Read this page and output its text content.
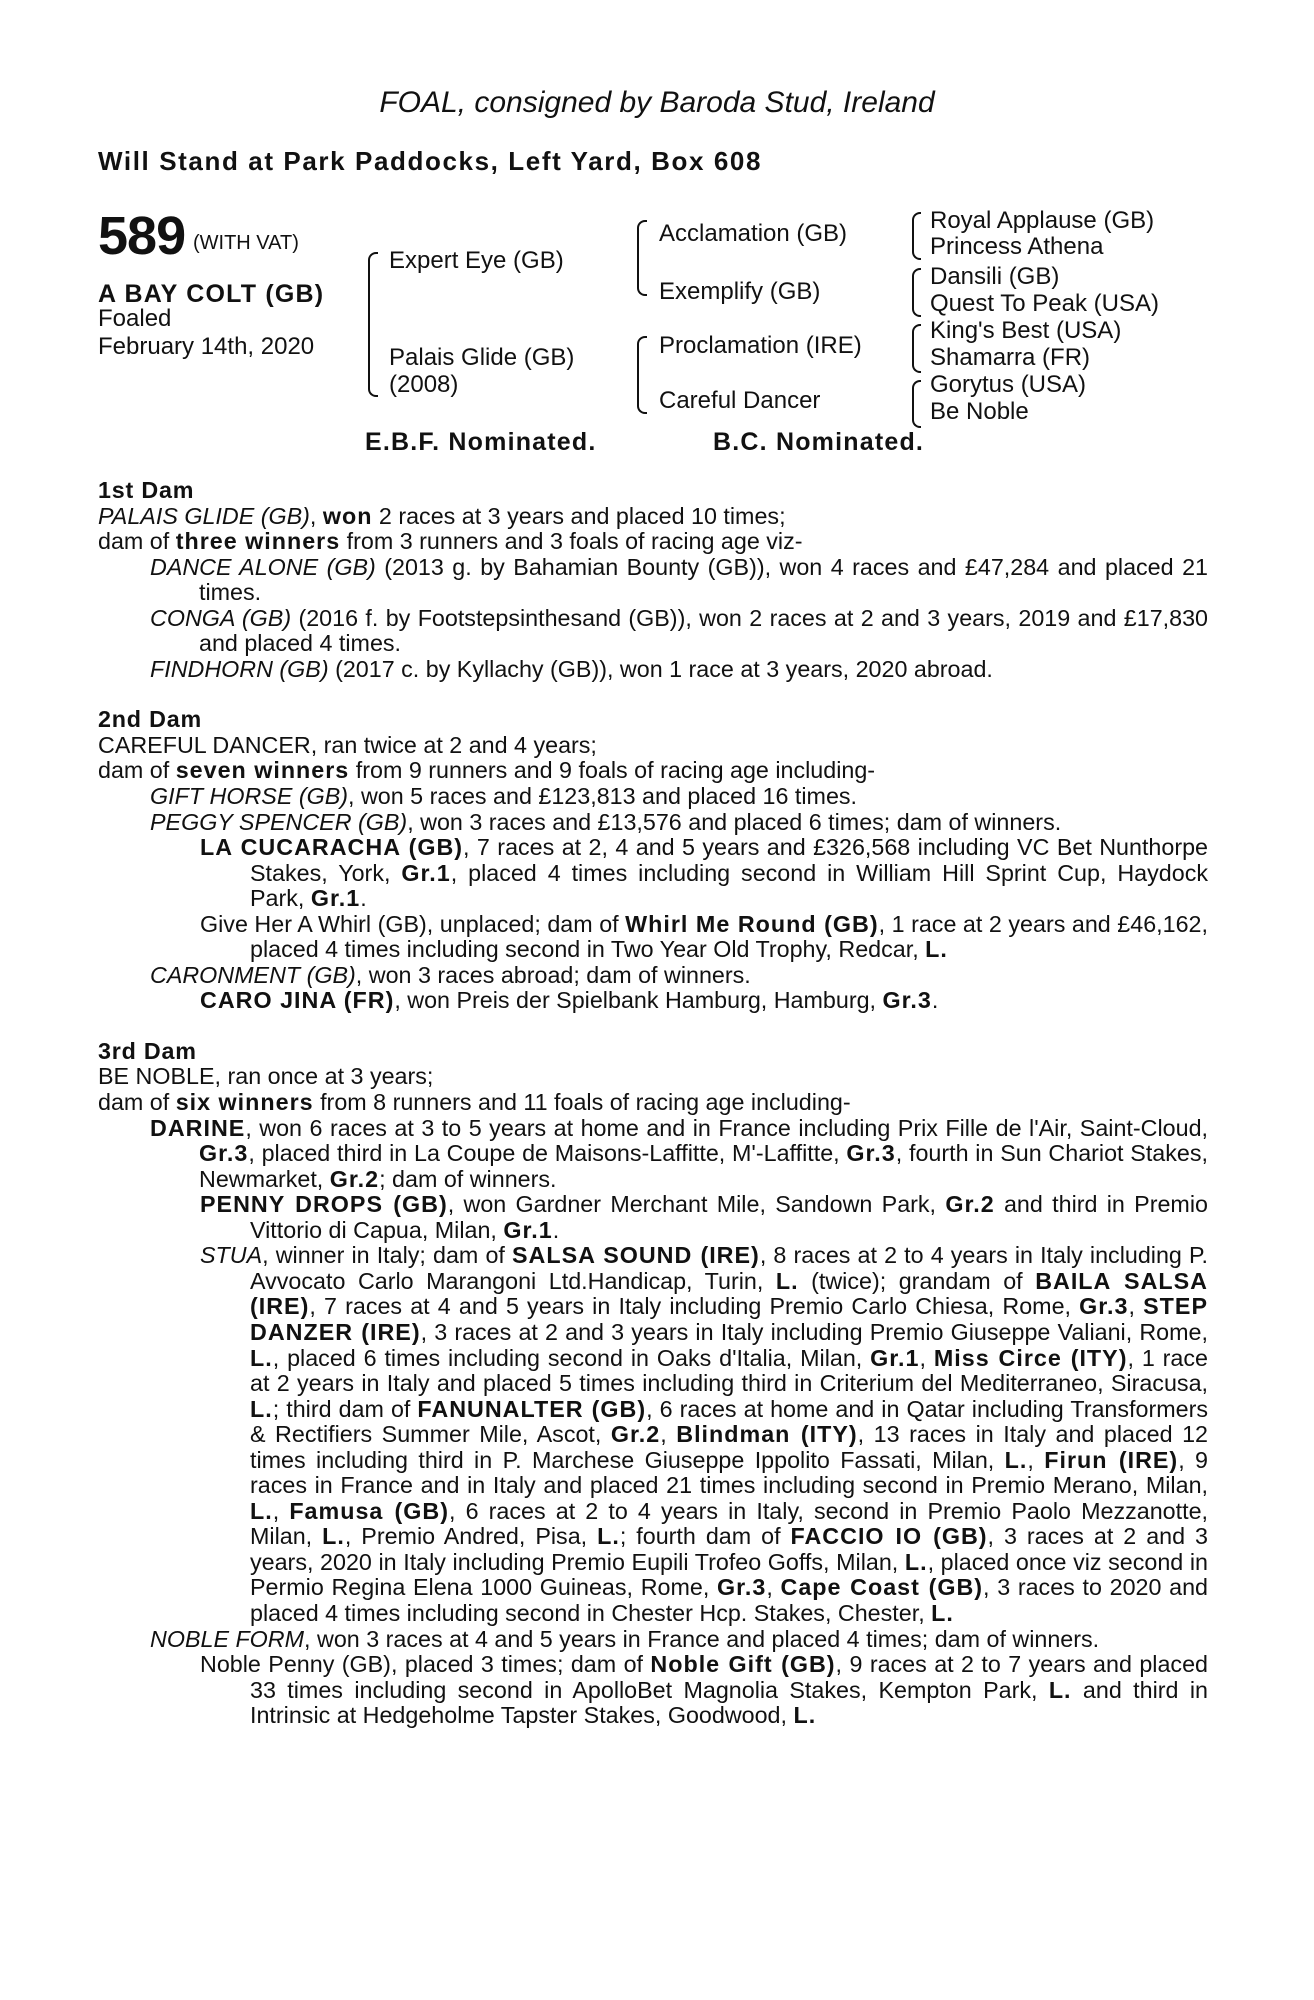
FOAL, consigned by Baroda Stud, Ireland
Will Stand at Park Paddocks, Left Yard, Box 608
589 (WITH VAT)
A BAY COLT (GB)
Foaled
February 14th, 2020
Expert Eye (GB)
Palais Glide (GB)
(2008)
Acclamation (GB)
Exemplify (GB)
Proclamation (IRE)
Careful Dancer
Royal Applause (GB)
Princess Athena
Dansili (GB)
Quest To Peak (USA)
King's Best (USA)
Shamarra (FR)
Gorytus (USA)
Be Noble
E.B.F. Nominated.	B.C. Nominated.

1st Dam

PALAIS GLIDE (GB), won 2 races at 3 years and placed 10 times;

dam of three winners from 3 runners and 3 foals of racing age viz-

DANCE ALONE (GB) (2013 g. by Bahamian Bounty (GB)), won 4 races and £47,284 and placed 21 times.

CONGA (GB) (2016 f. by Footstepsinthesand (GB)), won 2 races at 2 and 3 years, 2019 and £17,830 and placed 4 times.

FINDHORN (GB) (2017 c. by Kyllachy (GB)), won 1 race at 3 years, 2020 abroad.

2nd Dam

CAREFUL DANCER, ran twice at 2 and 4 years;

dam of seven winners from 9 runners and 9 foals of racing age including-

GIFT HORSE (GB), won 5 races and £123,813 and placed 16 times.

PEGGY SPENCER (GB), won 3 races and £13,576 and placed 6 times; dam of winners.

LA CUCARACHA (GB), 7 races at 2, 4 and 5 years and £326,568 including VC Bet Nunthorpe Stakes, York, Gr.1, placed 4 times including second in William Hill Sprint Cup, Haydock Park, Gr.1.

Give Her A Whirl (GB), unplaced; dam of Whirl Me Round (GB), 1 race at 2 years and £46,162, placed 4 times including second in Two Year Old Trophy, Redcar, L.

CARONMENT (GB), won 3 races abroad; dam of winners.

CARO JINA (FR), won Preis der Spielbank Hamburg, Hamburg, Gr.3.

3rd Dam

BE NOBLE, ran once at 3 years;

dam of six winners from 8 runners and 11 foals of racing age including-

DARINE, won 6 races at 3 to 5 years at home and in France including Prix Fille de l'Air, Saint-Cloud, Gr.3, placed third in La Coupe de Maisons-Laffitte, M'-Laffitte, Gr.3, fourth in Sun Chariot Stakes, Newmarket, Gr.2; dam of winners.

PENNY DROPS (GB), won Gardner Merchant Mile, Sandown Park, Gr.2 and third in Premio Vittorio di Capua, Milan, Gr.1.

STUA, winner in Italy; dam of SALSA SOUND (IRE), 8 races at 2 to 4 years in Italy including P. Avvocato Carlo Marangoni Ltd.Handicap, Turin, L. (twice); grandam of BAILA SALSA (IRE), 7 races at 4 and 5 years in Italy including Premio Carlo Chiesa, Rome, Gr.3, STEP DANZER (IRE), 3 races at 2 and 3 years in Italy including Premio Giuseppe Valiani, Rome, L., placed 6 times including second in Oaks d'Italia, Milan, Gr.1, Miss Circe (ITY), 1 race at 2 years in Italy and placed 5 times including third in Criterium del Mediterraneo, Siracusa, L.; third dam of FANUNALTER (GB), 6 races at home and in Qatar including Transformers & Rectifiers Summer Mile, Ascot, Gr.2, Blindman (ITY), 13 races in Italy and placed 12 times including third in P. Marchese Giuseppe Ippolito Fassati, Milan, L., Firun (IRE), 9 races in France and in Italy and placed 21 times including second in Premio Merano, Milan, L., Famusa (GB), 6 races at 2 to 4 years in Italy, second in Premio Paolo Mezzanotte, Milan, L., Premio Andred, Pisa, L.; fourth dam of FACCIO IO (GB), 3 races at 2 and 3 years, 2020 in Italy including Premio Eupili Trofeo Goffs, Milan, L., placed once viz second in Permio Regina Elena 1000 Guineas, Rome, Gr.3, Cape Coast (GB), 3 races to 2020 and placed 4 times including second in Chester Hcp. Stakes, Chester, L.

NOBLE FORM, won 3 races at 4 and 5 years in France and placed 4 times; dam of winners.

Noble Penny (GB), placed 3 times; dam of Noble Gift (GB), 9 races at 2 to 7 years and placed 33 times including second in ApolloBet Magnolia Stakes, Kempton Park, L. and third in Intrinsic at Hedgeholme Tapster Stakes, Goodwood, L.
